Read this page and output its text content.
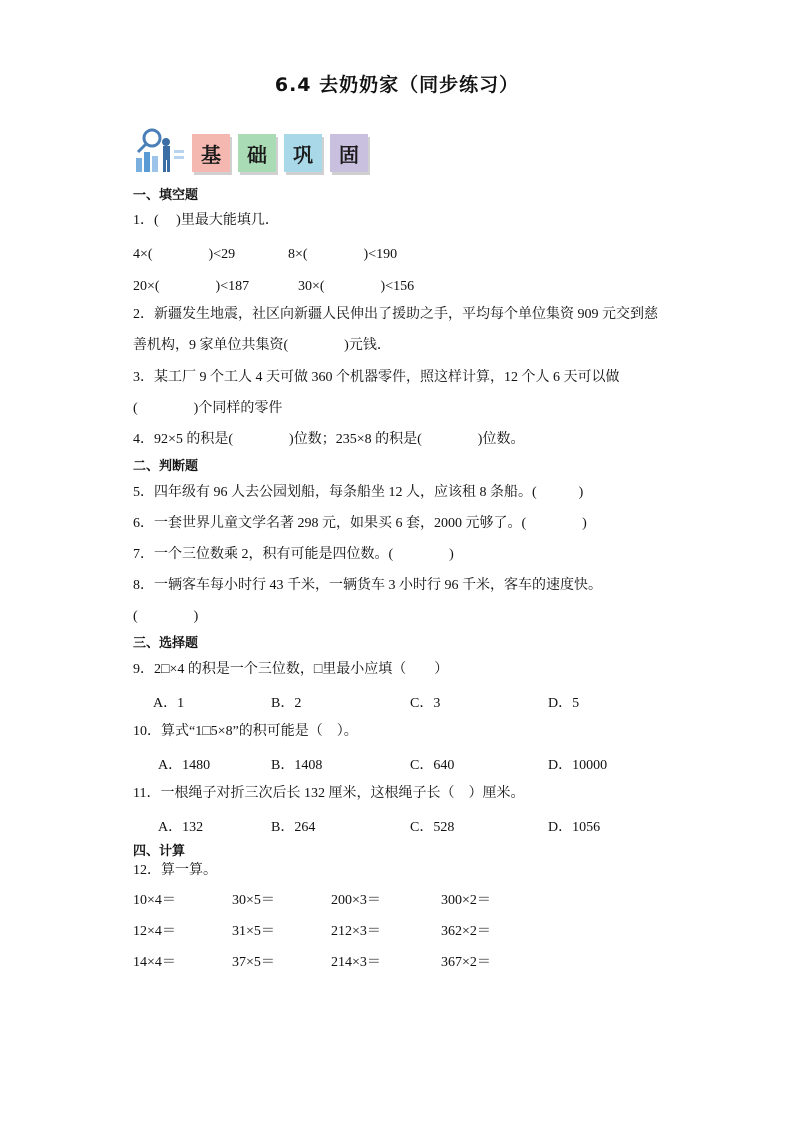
6.4 去奶奶家（同步练习）
基	础	巩	固
一、填空题
1．(　 )里最大能填几．
4×(　　　　)<29	8×(　　　　)<190
20×(　　　　)<187	30×(　　　　)<156
2．新疆发生地震，社区向新疆人民伸出了援助之手，平均每个单位集资 909 元交到慈
善机构，9 家单位共集资(　　　　)元钱．
3．某工厂 9 个工人 4 天可做 360 个机器零件，照这样计算，12 个人 6 天可以做
(　　　　)个同样的零件
4．92×5 的积是(　　　　)位数；235×8 的积是(　　　　)位数。
二、判断题
5．四年级有 96 人去公园划船，每条船坐 12 人，应该租 8 条船。(　　　)
6．一套世界儿童文学名著 298 元，如果买 6 套，2000 元够了。(　　　　)
7．一个三位数乘 2，积有可能是四位数。(　　　　)
8．一辆客车每小时行 43 千米，一辆货车 3 小时行 96 千米，客车的速度快。
(　　　　)
三、选择题
9．2□×4 的积是一个三位数，□里最小应填（　　）
A．1	B．2	C．3	D．5
10．算式“1□5×8”的积可能是（　）。
A．1480	B．1408	C．640	D．10000
11．一根绳子对折三次后长 132 厘米，这根绳子长（　）厘米。
A．132	B．264	C．528	D．1056
四、计算
12．算一算。
10×4＝	30×5＝	200×3＝	300×2＝
12×4＝	31×5＝	212×3＝	362×2＝
14×4＝	37×5＝	214×3＝	367×2＝
